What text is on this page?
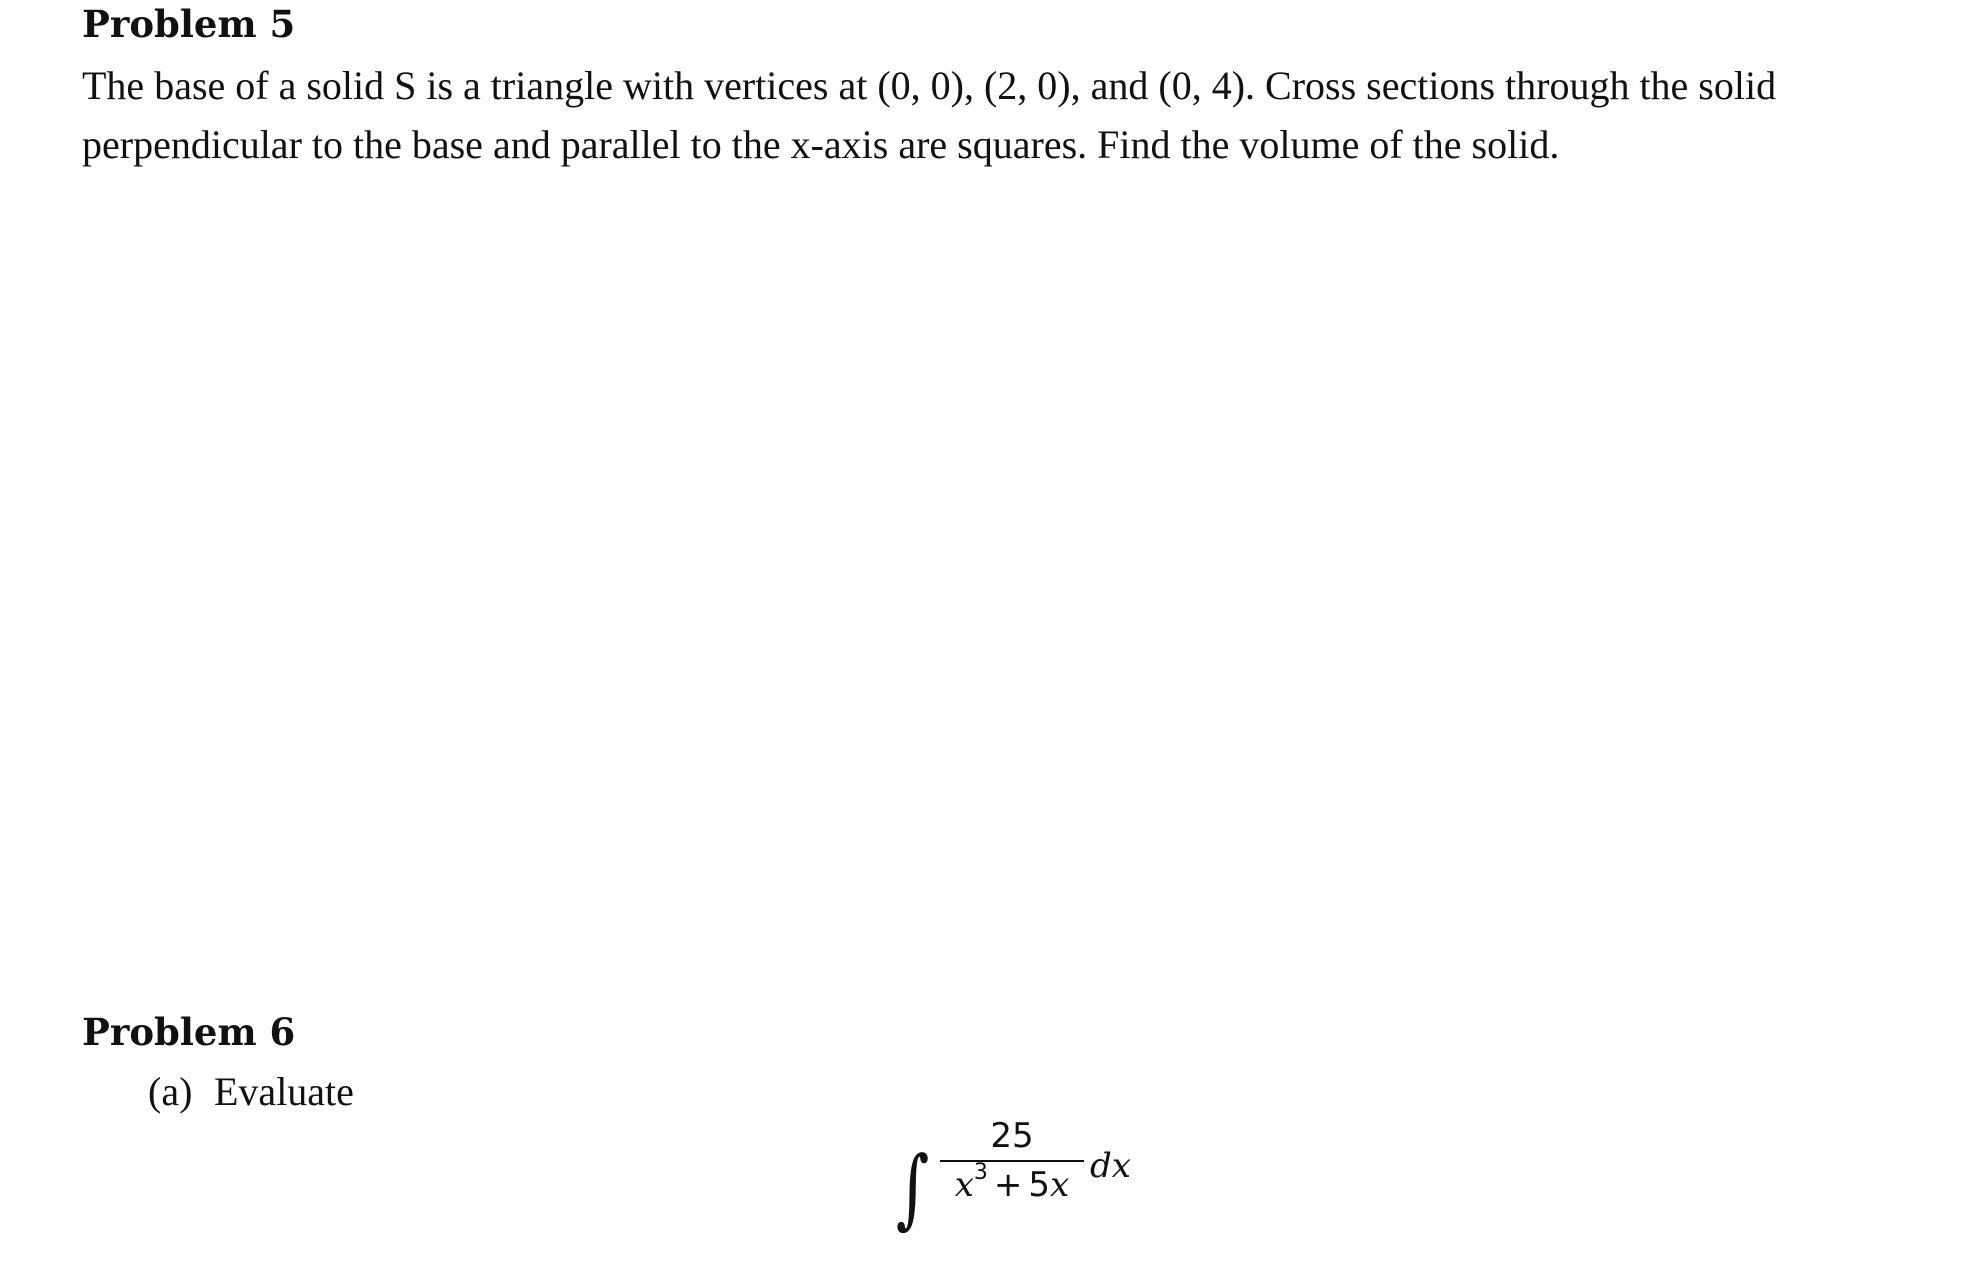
Problem 5

The base of a solid S is a triangle with vertices at (0, 0), (2, 0), and (0, 4). Cross sections through the solid perpendicular to the base and parallel to the x-axis are squares. Find the volume of the solid.

Problem 6
(a) Evaluate
∫
25
$x^3 + 5x$ dx
